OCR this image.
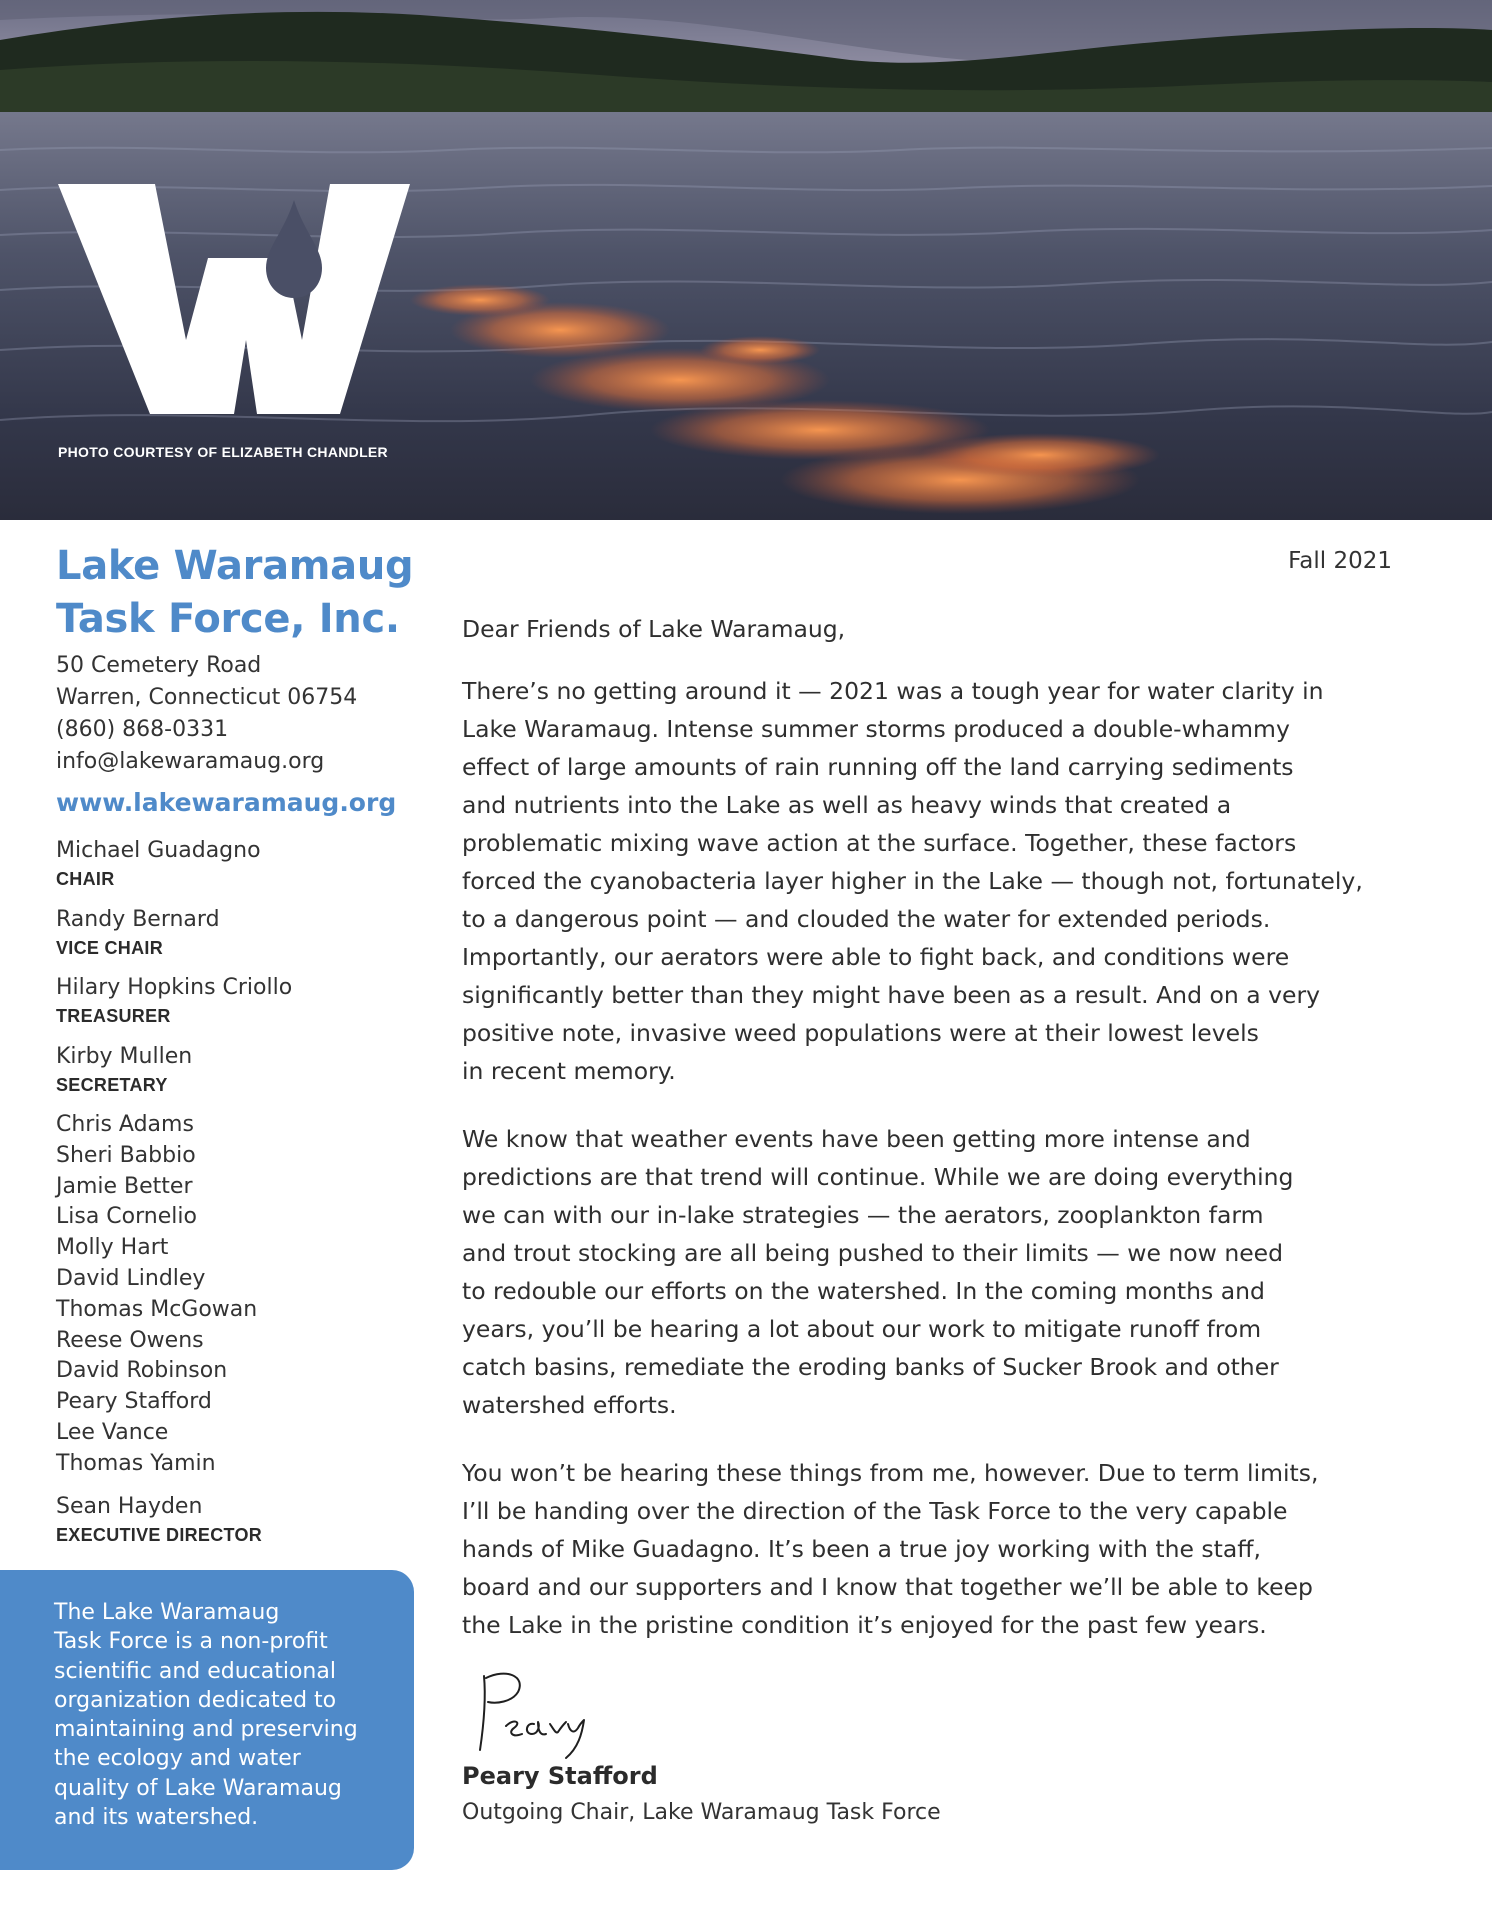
PHOTO COURTESY OF ELIZABETH CHANDLER
Lake Waramaug
Task Force, Inc.
50 Cemetery Road
Warren, Connecticut 06754
(860) 868-0331
info@lakewaramaug.org
www.lakewaramaug.org
Michael Guadagno
CHAIR
Randy Bernard
VICE CHAIR
Hilary Hopkins Criollo
TREASURER
Kirby Mullen
SECRETARY
Chris Adams
Sheri Babbio
Jamie Better
Lisa Cornelio
Molly Hart
David Lindley
Thomas McGowan
Reese Owens
David Robinson
Peary Stafford
Lee Vance
Thomas Yamin
Sean Hayden
EXECUTIVE DIRECTOR
The Lake Waramaug
Task Force is a non-profit
scientific and educational
organization dedicated to
maintaining and preserving
the ecology and water
quality of Lake Waramaug
and its watershed.
Fall 2021

Dear Friends of Lake Waramaug,

There’s no getting around it — 2021 was a tough year for water clarity in
Lake Waramaug. Intense summer storms produced a double-whammy
effect of large amounts of rain running off the land carrying sediments
and nutrients into the Lake as well as heavy winds that created a
problematic mixing wave action at the surface. Together, these factors
forced the cyanobacteria layer higher in the Lake — though not, fortunately,
to a dangerous point — and clouded the water for extended periods.
Importantly, our aerators were able to fight back, and conditions were
significantly better than they might have been as a result. And on a very
positive note, invasive weed populations were at their lowest levels
in recent memory.
We know that weather events have been getting more intense and
predictions are that trend will continue. While we are doing everything
we can with our in-lake strategies — the aerators, zooplankton farm
and trout stocking are all being pushed to their limits — we now need
to redouble our efforts on the watershed. In the coming months and
years, you’ll be hearing a lot about our work to mitigate runoff from
catch basins, remediate the eroding banks of Sucker Brook and other
watershed efforts.
You won’t be hearing these things from me, however. Due to term limits,
I’ll be handing over the direction of the Task Force to the very capable
hands of Mike Guadagno. It’s been a true joy working with the staff,
board and our supporters and I know that together we’ll be able to keep
the Lake in the pristine condition it’s enjoyed for the past few years.
Peary Stafford
Outgoing Chair, Lake Waramaug Task Force
